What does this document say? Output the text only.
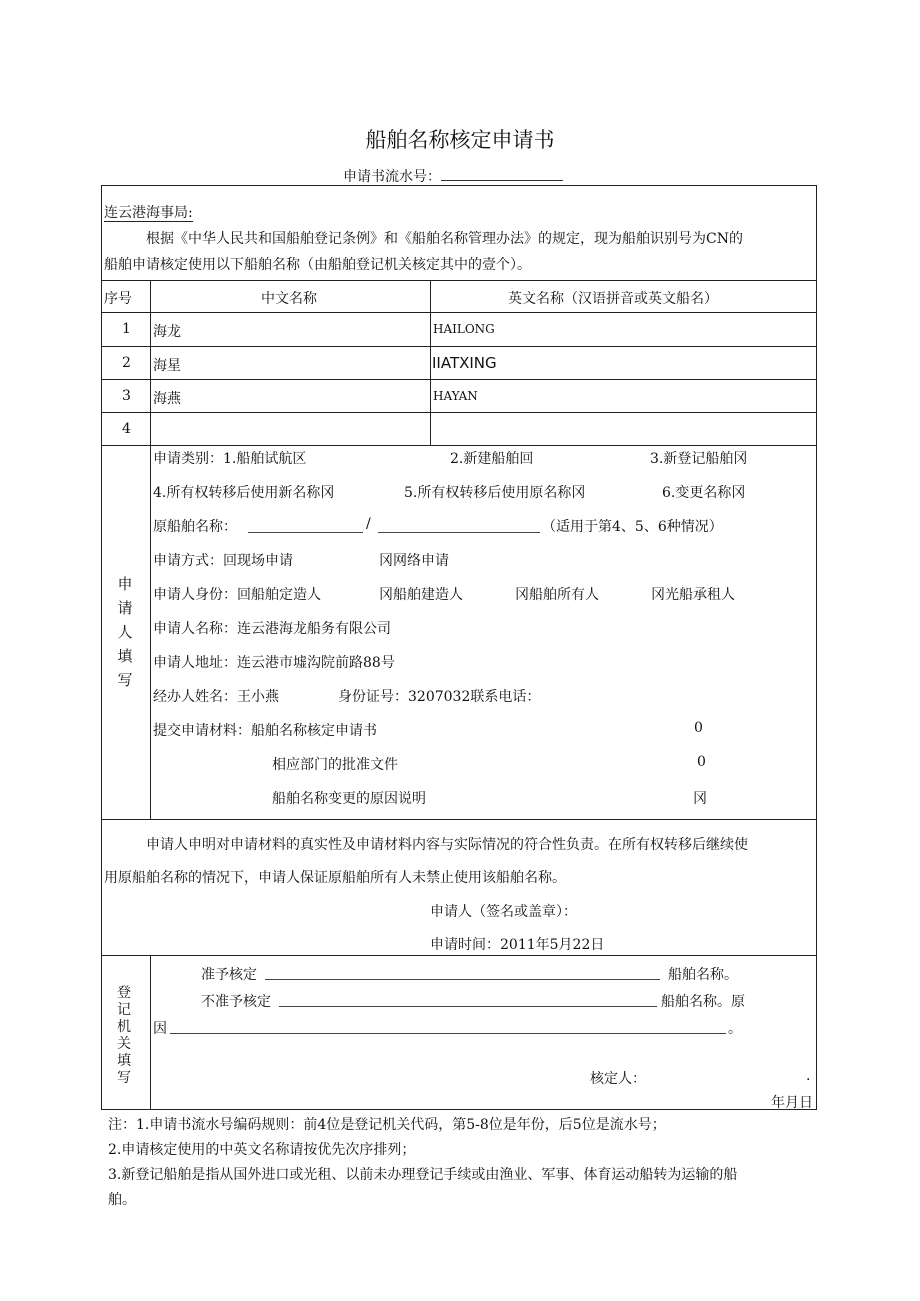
船舶名称核定申请书
申请书流水号：
连云港海事局:
根据《中华人民共和国船舶登记条例》和《船舶名称管理办法》的规定，现为船舶识别号为CN的
船舶申请核定使用以下船舶名称（由船舶登记机关核定其中的壹个）。
序号	中文名称	英文名称（汉语拼音或英文船名）
1 海龙	HAILONG
2 海星	IIATXING
3 海燕	HAYAN
4
申
请
人
填
写
申请类别：1.船舶试航区	2.新建船舶回	3.新登记船舶冈
4.所有权转移后使用新名称冈	5.所有权转移后使用原名称冈	6.变更名称冈
原船舶名称：	/	（适用于第4、5、6种情况）
申请方式：回现场申请	冈网络申请
申请人身份：回船舶定造人	冈船舶建造人	冈船舶所有人	冈光船承租人
申请人名称：连云港海龙船务有限公司
申请人地址：连云港市墟沟院前路88号
经办人姓名：王小燕	身份证号：3207032联系电话：
提交申请材料：船舶名称核定申请书	0
相应部门的批准文件	0
船舶名称变更的原因说明	冈
申请人申明对申请材料的真实性及申请材料内容与实际情况的符合性负责。在所有权转移后继续使
用原船舶名称的情况下，申请人保证原船舶所有人未禁止使用该船舶名称。
申请人（签名或盖章）：
申请时间：2011年5月22日
登
记
机
关
填
写
准予核定	船舶名称。
不准予核定	船舶名称。原
因	。
核定人：	.
年月日
注：1.申请书流水号编码规则：前4位是登记机关代码，第5-8位是年份，后5位是流水号；
2.申请核定使用的中英文名称请按优先次序排列；
3.新登记船舶是指从国外进口或光租、以前未办理登记手续或由渔业、军事、体育运动船转为运输的船
舶。
